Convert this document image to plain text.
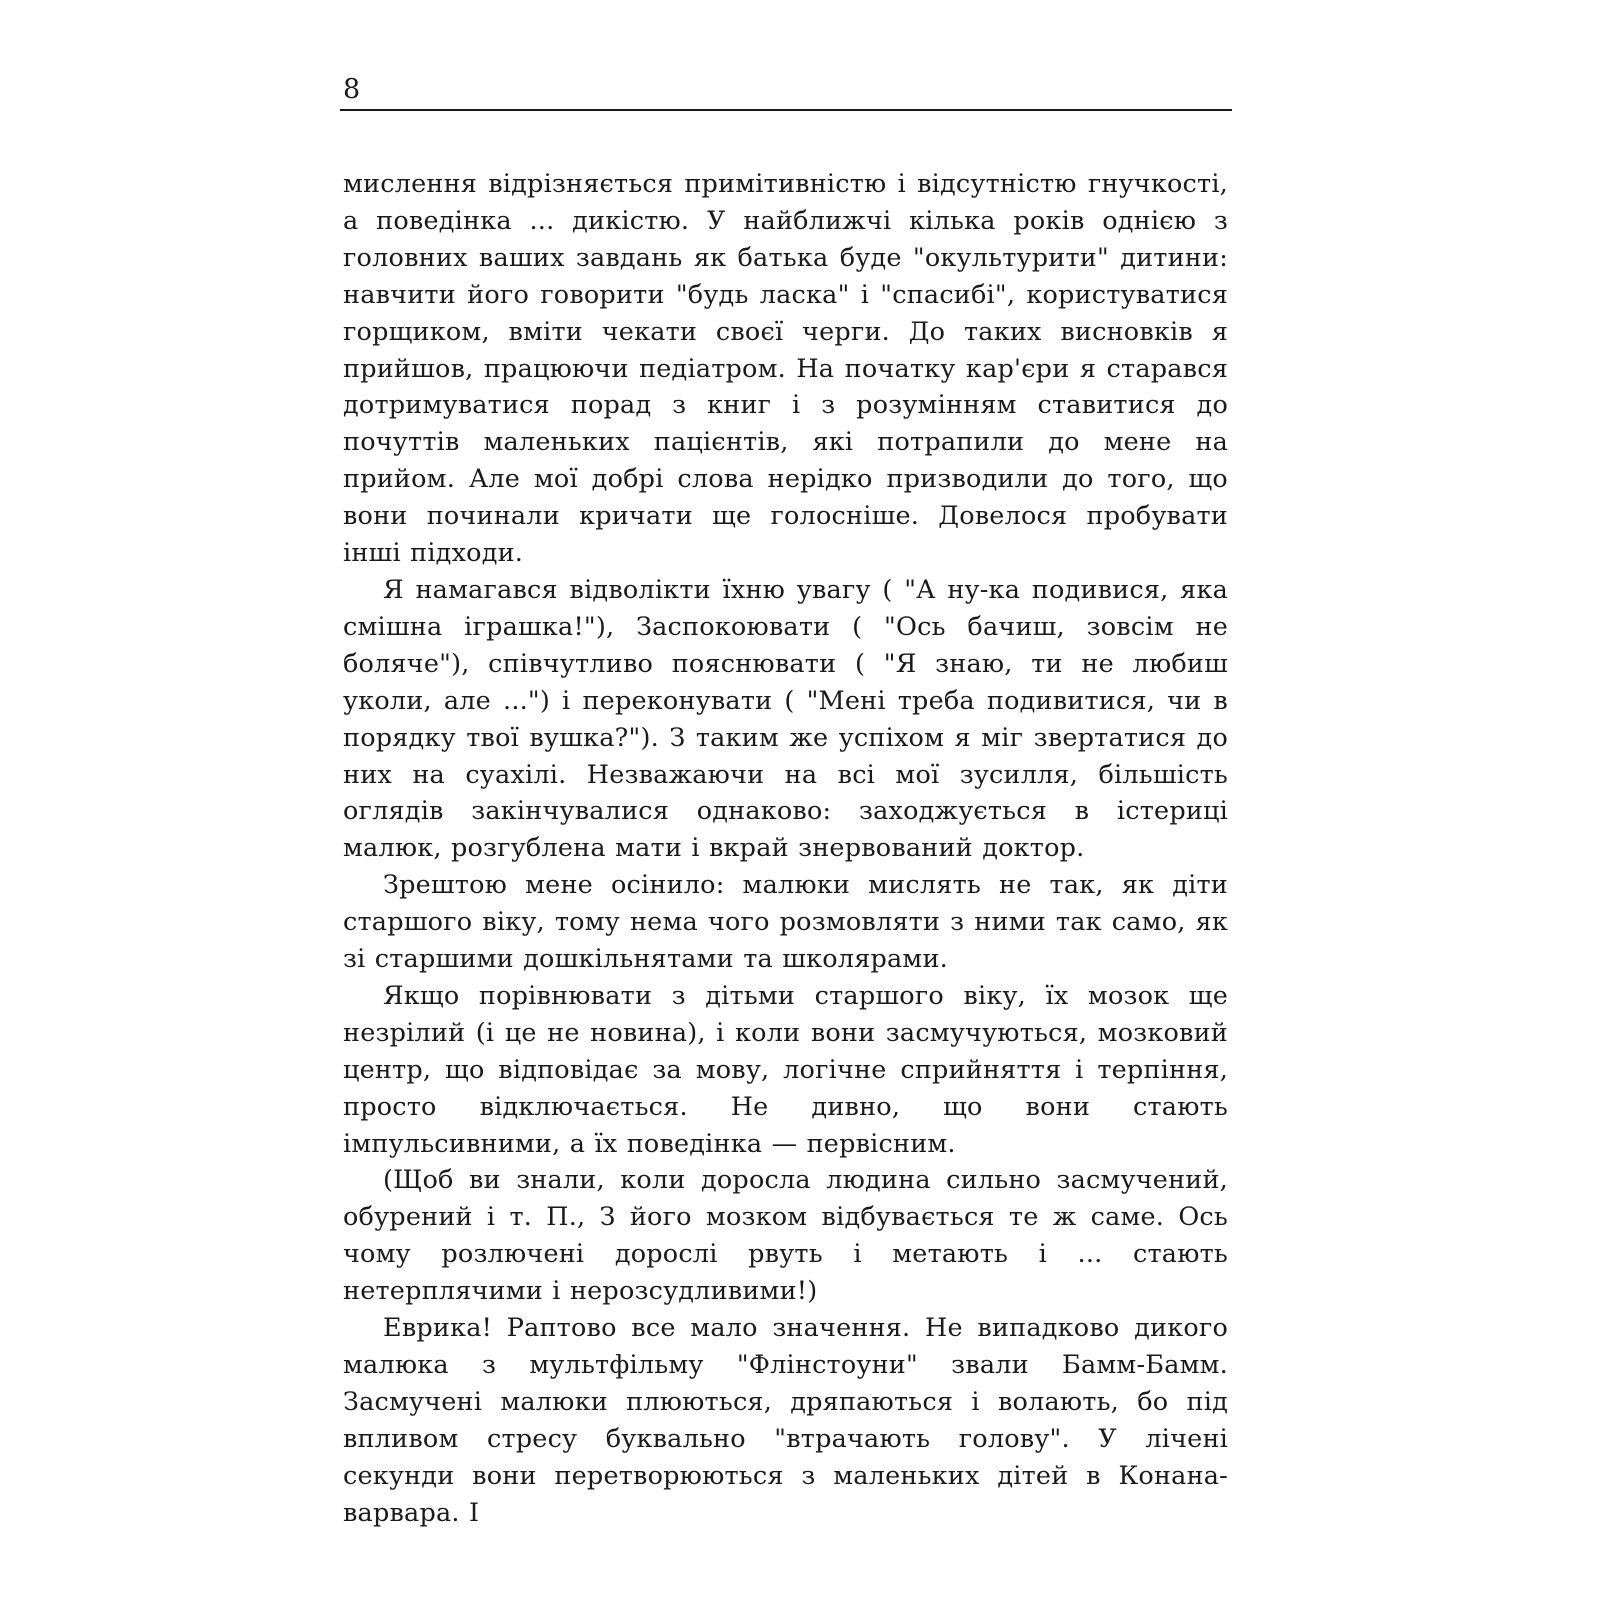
8

мислення відрізняється примітивністю і відсутністю гнучкості, а поведінка ... дикістю. У найближчі кілька років однією з головних ваших завдань як батька буде "окультурити" дитини: навчити його говорити "будь ласка" і "спасибі", користуватися горщиком, вміти чекати своєї черги. До таких висновків я прийшов, працюючи педіатром. На початку кар'єри я старався дотримуватися порад з книг і з розумінням ставитися до почуттів маленьких пацієнтів, які потрапили до мене на прийом. Але мої добрі слова нерідко призводили до того, що вони починали кричати ще голосніше. Довелося пробувати інші підходи.

Я намагався відволікти їхню увагу ( "А ну-ка подивися, яка смішна іграшка!"), Заспокоювати ( "Ось бачиш, зовсім не боляче"), співчутливо пояснювати ( "Я знаю, ти не любиш уколи, але ...") і переконувати ( "Мені треба подивитися, чи в порядку твої вушка?"). З таким же успіхом я міг звертатися до них на суахілі. Незважаючи на всі мої зусилля, більшість оглядів закінчувалися однаково: заходжується в істериці малюк, розгублена мати і вкрай знервований доктор.

Зрештою мене осінило: малюки мислять не так, як діти старшого віку, тому нема чого розмовляти з ними так само, як зі старшими дошкільнятами та школярами.

Якщо порівнювати з дітьми старшого віку, їх мозок ще незрілий (і це не новина), і коли вони засмучуються, мозковий центр, що відповідає за мову, логічне сприйняття і терпіння, просто відключається. Не дивно, що вони стають імпульсивними, а їх поведінка — первісним.

(Щоб ви знали, коли доросла людина сильно засмучений, обурений і т. П., З його мозком відбувається те ж саме. Ось чому розлючені дорослі рвуть і метають і ... стають нетерплячими і нерозсудливими!)

Еврика! Раптово все мало значення. Не випадково дикого малюка з мультфільму "Флінстоуни" звали Бамм-Бамм. Засмучені малюки плюються, дряпаються і волають, бо під впливом стресу буквально "втрачають голову". У лічені секунди вони перетворюються з маленьких дітей в Конана-варвара. І
